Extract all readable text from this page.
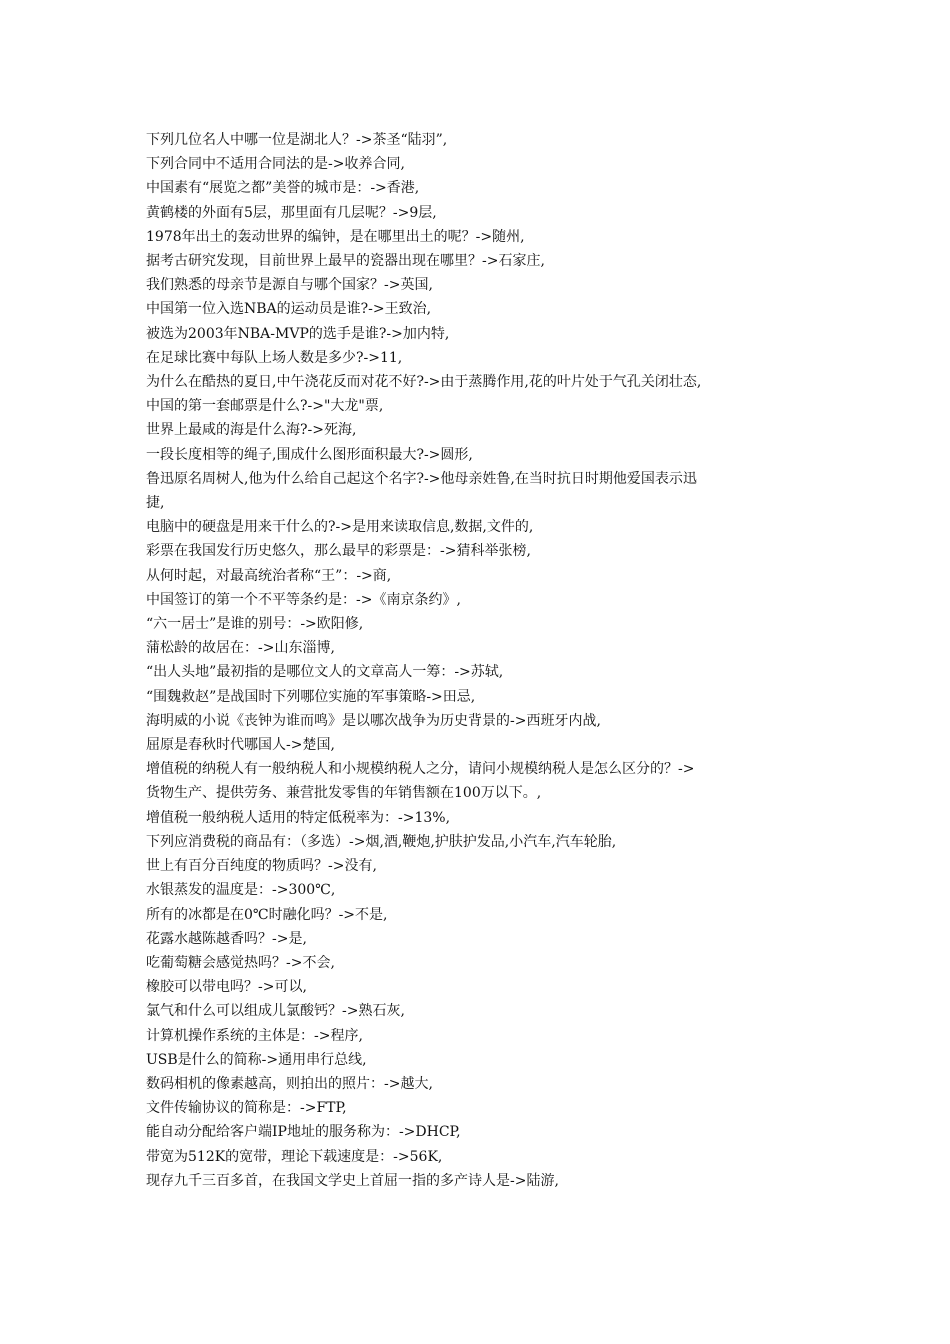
下列几位名人中哪一位是湖北人？->茶圣“陆羽”,

下列合同中不适用合同法的是->收养合同,

中国素有“展览之都”美誉的城市是：->香港,

黄鹤楼的外面有5层，那里面有几层呢？->9层,

1978年出土的轰动世界的编钟，是在哪里出土的呢？->随州,

据考古研究发现，目前世界上最早的瓷器出现在哪里？->石家庄,

我们熟悉的母亲节是源自与哪个国家？->英国,

中国第一位入选NBA的运动员是谁?->王致治,

被选为2003年NBA-MVP的选手是谁?->加内特,

在足球比赛中每队上场人数是多少?->11,

为什么在酷热的夏日,中午浇花反而对花不好?->由于蒸腾作用,花的叶片处于气孔关闭壮态,

中国的第一套邮票是什么?->"大龙"票,

世界上最咸的海是什么海?->死海,

一段长度相等的绳子,围成什么图形面积最大?->圆形,

鲁迅原名周树人,他为什么给自己起这个名字?->他母亲姓鲁,在当时抗日时期他爱国表示迅

捷,

电脑中的硬盘是用来干什么的?->是用来读取信息,数据,文件的,

彩票在我国发行历史悠久，那么最早的彩票是：->猜科举张榜,

从何时起，对最高统治者称“王”：->商,

中国签订的第一个不平等条约是：->《南京条约》,

“六一居士”是谁的别号：->欧阳修,

蒲松龄的故居在：->山东淄博,

“出人头地”最初指的是哪位文人的文章高人一筹：->苏轼,

“围魏救赵”是战国时下列哪位实施的军事策略->田忌,

海明威的小说《丧钟为谁而鸣》是以哪次战争为历史背景的->西班牙内战,

屈原是春秋时代哪国人->楚国,

增值税的纳税人有一般纳税人和小规模纳税人之分，请问小规模纳税人是怎么区分的？->

货物生产、提供劳务、兼营批发零售的年销售额在100万以下。,

增值税一般纳税人适用的特定低税率为：->13%,

下列应消费税的商品有：（多选）->烟,酒,鞭炮,护肤护发品,小汽车,汽车轮胎,

世上有百分百纯度的物质吗？->没有,

水银蒸发的温度是：->300℃,

所有的冰都是在0℃时融化吗？->不是,

花露水越陈越香吗？->是,

吃葡萄糖会感觉热吗？->不会,

橡胶可以带电吗？->可以,

氯气和什么可以组成儿氯酸钙？->熟石灰,

计算机操作系统的主体是：->程序,

USB是什么的简称->通用串行总线,

数码相机的像素越高，则拍出的照片：->越大,

文件传输协议的简称是：->FTP,

能自动分配给客户端IP地址的服务称为：->DHCP,

带宽为512K的宽带，理论下载速度是：->56K,

现存九千三百多首，在我国文学史上首屈一指的多产诗人是->陆游,
